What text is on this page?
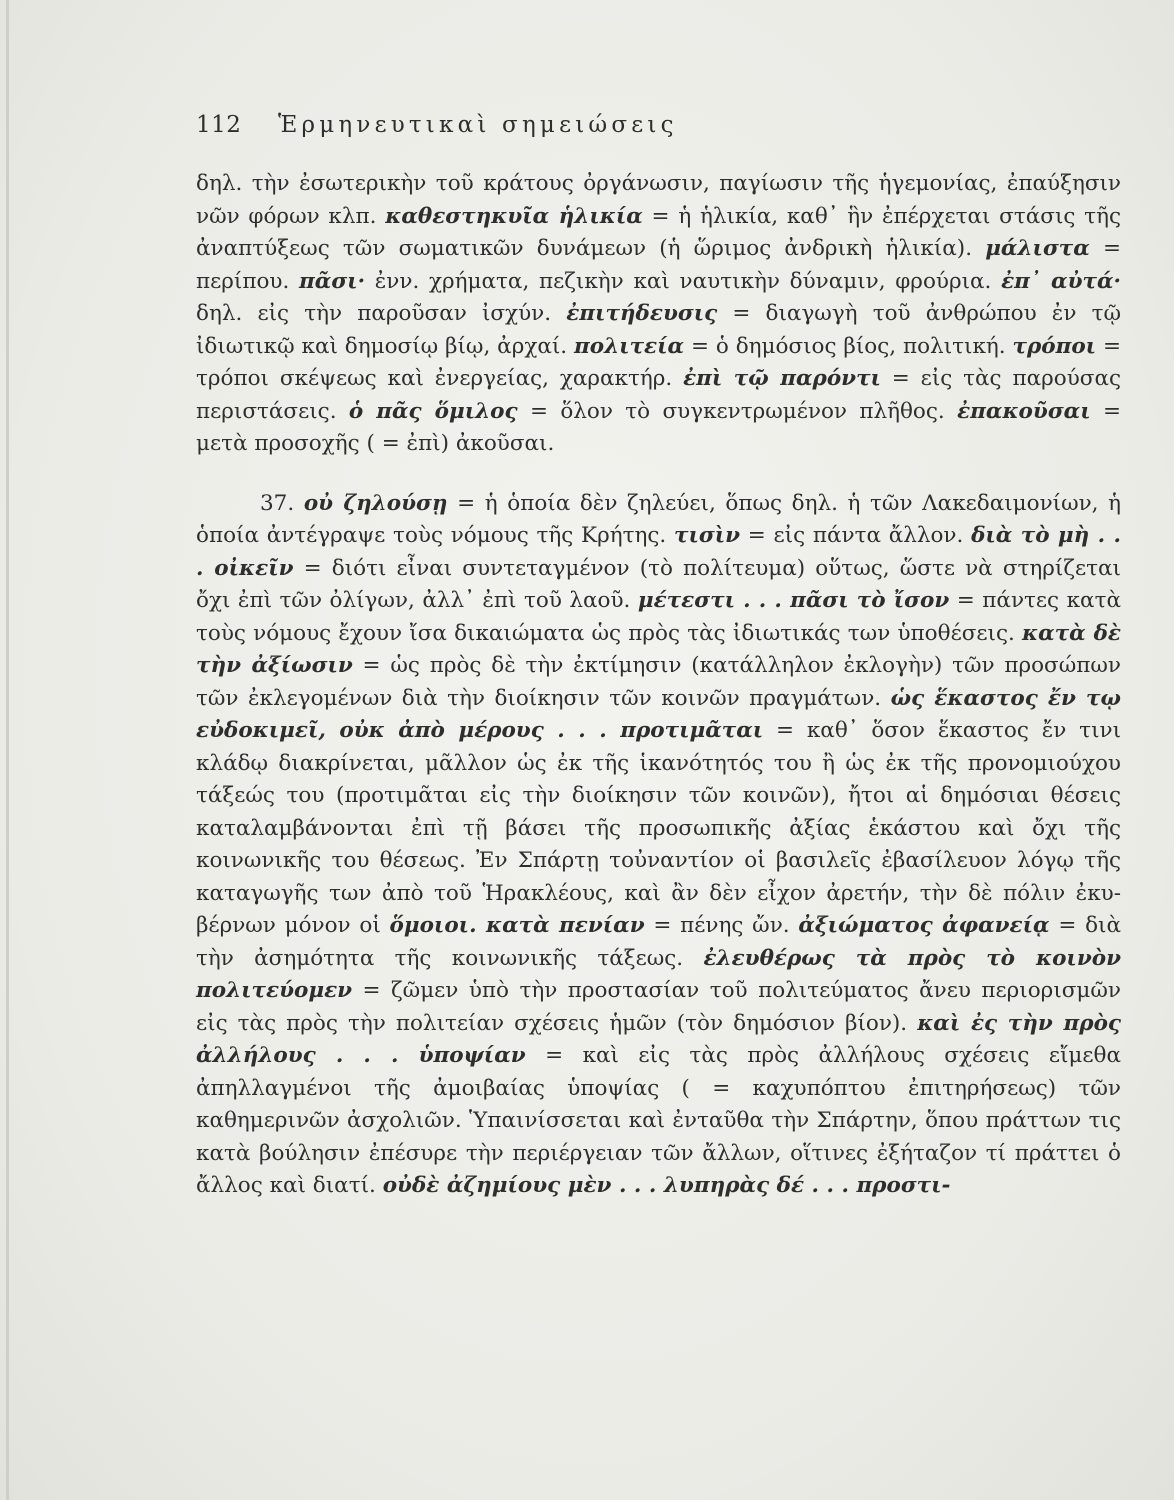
112 Ἑρμηνευτικαὶ σημειώσεις

δηλ. τὴν ἐσωτερικὴν τοῦ κράτους ὀργάνωσιν, παγίωσιν τῆς ἡγεμονίας, ἐπαύξησιν νῶν φόρων κλπ. καθεστηκυῖα ἡλικία = ἡ ἡλικία, καθ᾽ ἣν ἐπέρχεται στάσις τῆς ἀναπτύξεως τῶν σωματικῶν δυνάμεων (ἡ ὥριμος ἀνδρικὴ ἡλικία). μάλιστα = περίπου. πᾶσι· ἐνν. χρήματα, πεζικὴν καὶ ναυτικὴν δύναμιν, φρούρια. ἐπ᾽ αὐτά· δηλ. εἰς τὴν παροῦσαν ἰσχύν. ἐπιτήδευσις = διαγωγὴ τοῦ ἀνθρώπου ἐν τῷ ἰδιωτικῷ καὶ δημοσίῳ βίῳ, ἀρχαί. πολιτεία = ὁ δημόσιος βίος, πολιτική. τρόποι = τρόποι σκέψεως καὶ ἐνεργείας, χαρακτήρ. ἐπὶ τῷ παρόντι = εἰς τὰς παρούσας περιστάσεις. ὁ πᾶς ὅμιλος = ὅλον τὸ συγκεντρωμένον πλῆθος. ἐπακοῦσαι = μετὰ προσοχῆς ( = ἐπὶ) ἀκοῦσαι.

37. οὐ ζηλούσῃ = ἡ ὁποία δὲν ζηλεύει, ὅπως δηλ. ἡ τῶν Λακεδαιμονίων, ἡ ὁποία ἀντέγραψε τοὺς νόμους τῆς Κρήτης. τισὶν = εἰς πάντα ἄλλον. διὰ τὸ μὴ . . . οἰκεῖν = διότι εἶναι συντεταγμένον (τὸ πολίτευμα) οὕτως, ὥστε νὰ στηρίζεται ὄχι ἐπὶ τῶν ὀλίγων, ἀλλ᾽ ἐπὶ τοῦ λαοῦ. μέτεστι . . . πᾶσι τὸ ἴσον = πάντες κατὰ τοὺς νόμους ἔχουν ἴσα δικαιώματα ὡς πρὸς τὰς ἰδιωτικάς των ὑποθέσεις. κατὰ δὲ τὴν ἀξίωσιν = ὡς πρὸς δὲ τὴν ἐκτίμησιν (κατάλληλον ἐκλογὴν) τῶν προσώπων τῶν ἐκλεγομένων διὰ τὴν διοίκησιν τῶν κοινῶν πραγμάτων. ὡς ἕκαστος ἔν τῳ εὐδοκιμεῖ, οὐκ ἀπὸ μέρους . . . προτιμᾶται = καθ᾽ ὅσον ἕκαστος ἔν τινι κλάδῳ διακρίνεται, μᾶλλον ὡς ἐκ τῆς ἱκανότητός του ἢ ὡς ἐκ τῆς προνομιούχου τάξεώς του (προτιμᾶται εἰς τὴν διοίκησιν τῶν κοινῶν), ἤτοι αἱ δημόσιαι θέσεις καταλαμβάνονται ἐπὶ τῇ βάσει τῆς προσωπικῆς ἀξίας ἑκάστου καὶ ὄχι τῆς κοινωνικῆς του θέσεως. Ἐν Σπάρτῃ τοὐναντίον οἱ βασιλεῖς ἐβασίλευον λόγῳ τῆς καταγωγῆς των ἀπὸ τοῦ Ἡρακλέους, καὶ ἂν δὲν εἶχον ἀρετήν, τὴν δὲ πόλιν ἐκυβέρνων μόνον οἱ ὅμοιοι. κατὰ πενίαν = πένης ὤν. ἀξιώματος ἀφανείᾳ = διὰ τὴν ἀσημότητα τῆς κοινωνικῆς τάξεως. ἐλευθέρως τὰ πρὸς τὸ κοινὸν πολιτεύομεν = ζῶμεν ὑπὸ τὴν προστασίαν τοῦ πολιτεύματος ἄνευ περιορισμῶν εἰς τὰς πρὸς τὴν πολιτείαν σχέσεις ἡμῶν (τὸν δημόσιον βίον). καὶ ἐς τὴν πρὸς ἀλλήλους . . . ὑποψίαν = καὶ εἰς τὰς πρὸς ἀλλήλους σχέσεις εἴμεθα ἀπηλλαγμένοι τῆς ἀμοιβαίας ὑποψίας ( = καχυπόπτου ἐπιτηρήσεως) τῶν καθημερινῶν ἀσχολιῶν. Ὑπαινίσσεται καὶ ἐνταῦθα τὴν Σπάρτην, ὅπου πράττων τις κατὰ βούλησιν ἐπέσυρε τὴν περιέργειαν τῶν ἄλλων, οἵτινες ἐξήταζον τί πράττει ὁ ἄλλος καὶ διατί. οὐδὲ ἀζημίους μὲν . . . λυπηρὰς δέ . . . προστι-
